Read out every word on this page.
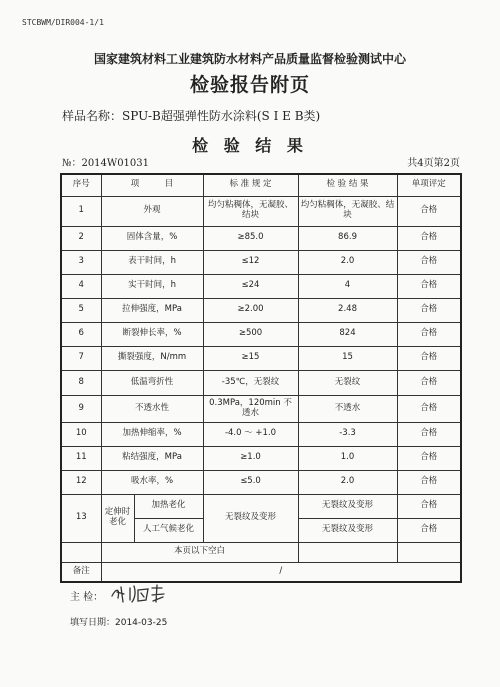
STCBWM/DIR004-1/1
国家建筑材料工业建筑防水材料产品质量监督检验测试中心
检验报告附页
样品名称：SPU-B超强弹性防水涂料(S Ⅰ E B类)
检 验 结 果
№：2014W01031	共4页第2页
序号	项　　　目		标 准 规 定	检 验 结 果	单项评定
1	外观		均匀粘稠体，无凝胶、结块	均匀粘稠体，无凝胶、结块	合格
2	固体含量，%		≥85.0	86.9	合格
3	表干时间，h		≤12	2.0	合格
4	实干时间，h		≤24	4	合格
5	拉伸强度，MPa		≥2.00	2.48	合格
6	断裂伸长率，%		≥500	824	合格
7	撕裂强度，N/mm		≥15	15	合格
8	低温弯折性		-35℃，无裂纹	无裂纹	合格
9	不透水性		0.3MPa，120min 不透水	不透水	合格
10	加热伸缩率，%		-4.0 ～ +1.0	-3.3	合格
11	粘结强度，MPa		≥1.0	1.0	合格
12	吸水率，%		≤5.0	2.0	合格
13	定伸时老化	加热老化	无裂纹及变形	无裂纹及变形	合格
		人工气候老化		无裂纹及变形	合格
	本页以下空白				
备注	/				
主 检：
填写日期：2014-03-25
